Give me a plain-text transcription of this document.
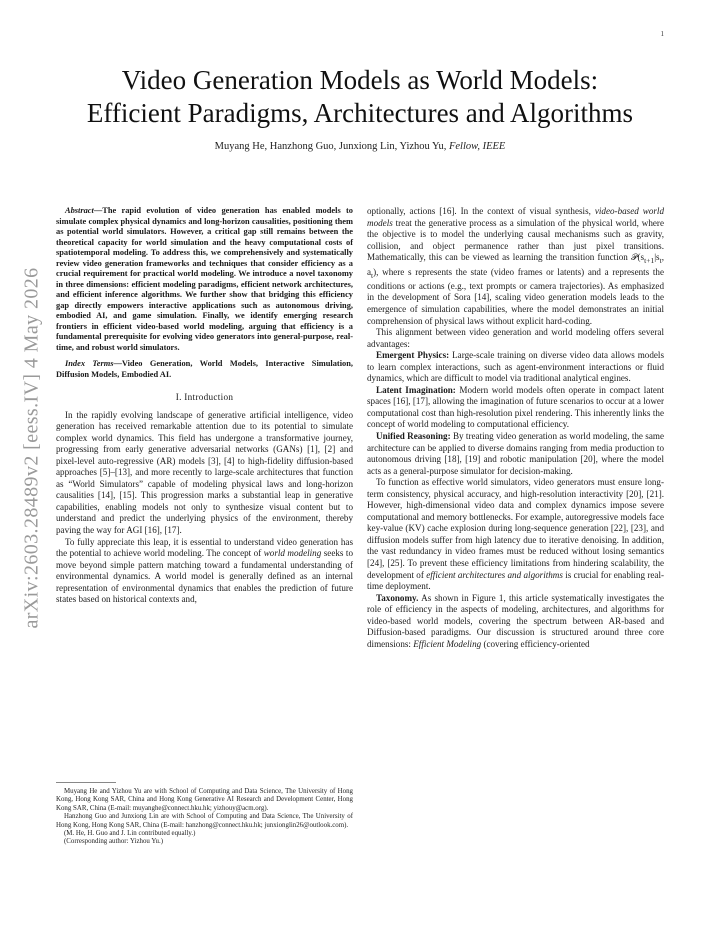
1
arXiv:2603.28489v2 [eess.IV] 4 May 2026
Video Generation Models as World Models:
Efficient Paradigms, Architectures and Algorithms
Muyang He, Hanzhong Guo, Junxiong Lin, Yizhou Yu, Fellow, IEEE
Abstract—The rapid evolution of video generation has enabled models to simulate complex physical dynamics and long-horizon causalities, positioning them as potential world simulators. However, a critical gap still remains between the theoretical capacity for world simulation and the heavy computational costs of spatiotemporal modeling. To address this, we comprehensively and systematically review video generation frameworks and techniques that consider efficiency as a crucial requirement for practical world modeling. We introduce a novel taxonomy in three dimensions: efficient modeling paradigms, efficient network architectures, and efficient inference algorithms. We further show that bridging this efficiency gap directly empowers interactive applications such as autonomous driving, embodied AI, and game simulation. Finally, we identify emerging research frontiers in efficient video-based world modeling, arguing that efficiency is a fundamental prerequisite for evolving video generators into general-purpose, real-time, and robust world simulators.
Index Terms—Video Generation, World Models, Interactive Simulation, Diffusion Models, Embodied AI.
I. Introduction

In the rapidly evolving landscape of generative artificial intelligence, video generation has received remarkable attention due to its potential to simulate complex world dynamics. This field has undergone a transformative journey, progressing from early generative adversarial networks (GANs) [1], [2] and pixel-level auto-regressive (AR) models [3], [4] to high-fidelity diffusion-based approaches [5]–[13], and more recently to large-scale architectures that function as “World Simulators” capable of modeling physical laws and long-horizon causalities [14], [15]. This progression marks a substantial leap in generative capabilities, enabling models not only to synthesize visual content but to understand and predict the underlying physics of the environment, thereby paving the way for AGI [16], [17].

To fully appreciate this leap, it is essential to understand video generation has the potential to achieve world modeling. The concept of world modeling seeks to move beyond simple pattern matching toward a fundamental understanding of environmental dynamics. A world model is generally defined as an internal representation of environmental dynamics that enables the prediction of future states based on historical contexts and,

Muyang He and Yizhou Yu are with School of Computing and Data Science, The University of Hong Kong, Hong Kong SAR, China and Hong Kong Generative AI Research and Development Center, Hong Kong SAR, China (E-mail: muyanghe@connect.hku.hk; yizhouy@acm.org).

Hanzhong Guo and Junxiong Lin are with School of Computing and Data Science, The University of Hong Kong, Hong Kong SAR, China (E-mail: hanzhong@connect.hku.hk; junxionglin26@outlook.com).

(M. He, H. Guo and J. Lin contributed equally.)

(Corresponding author: Yizhou Yu.)

optionally, actions [16]. In the context of visual synthesis, video-based world models treat the generative process as a simulation of the physical world, where the objective is to model the underlying causal mechanisms such as gravity, collision, and object permanence rather than just pixel transitions. Mathematically, this can be viewed as learning the transition function $𝒫(s_{t+1}|s_t$, $a_t$), where s represents the state (video frames or latents) and a represents the conditions or actions (e.g., text prompts or camera trajectories). As emphasized in the development of Sora [14], scaling video generation models leads to the emergence of simulation capabilities, where the model demonstrates an initial comprehension of physical laws without explicit hard-coding.

This alignment between video generation and world modeling offers several advantages:

Emergent Physics: Large-scale training on diverse video data allows models to learn complex interactions, such as agent-environment interactions or fluid dynamics, which are difficult to model via traditional analytical engines.

Latent Imagination: Modern world models often operate in compact latent spaces [16], [17], allowing the imagination of future scenarios to occur at a lower computational cost than high-resolution pixel rendering. This inherently links the concept of world modeling to computational efficiency.

Unified Reasoning: By treating video generation as world modeling, the same architecture can be applied to diverse domains ranging from media production to autonomous driving [18], [19] and robotic manipulation [20], where the model acts as a general-purpose simulator for decision-making.

To function as effective world simulators, video generators must ensure long-term consistency, physical accuracy, and high-resolution interactivity [20], [21]. However, high-dimensional video data and complex dynamics impose severe computational and memory bottlenecks. For example, autoregressive models face key-value (KV) cache explosion during long-sequence generation [22], [23], and diffusion models suffer from high latency due to iterative denoising. In addition, the vast redundancy in video frames must be reduced without losing semantics [24], [25]. To prevent these efficiency limitations from hindering scalability, the development of efficient architectures and algorithms is crucial for enabling real-time deployment.

Taxonomy. As shown in Figure 1, this article systematically investigates the role of efficiency in the aspects of modeling, architectures, and algorithms for video-based world models, covering the spectrum between AR-based and Diffusion-based paradigms. Our discussion is structured around three core dimensions: Efficient Modeling (covering efficiency-oriented
